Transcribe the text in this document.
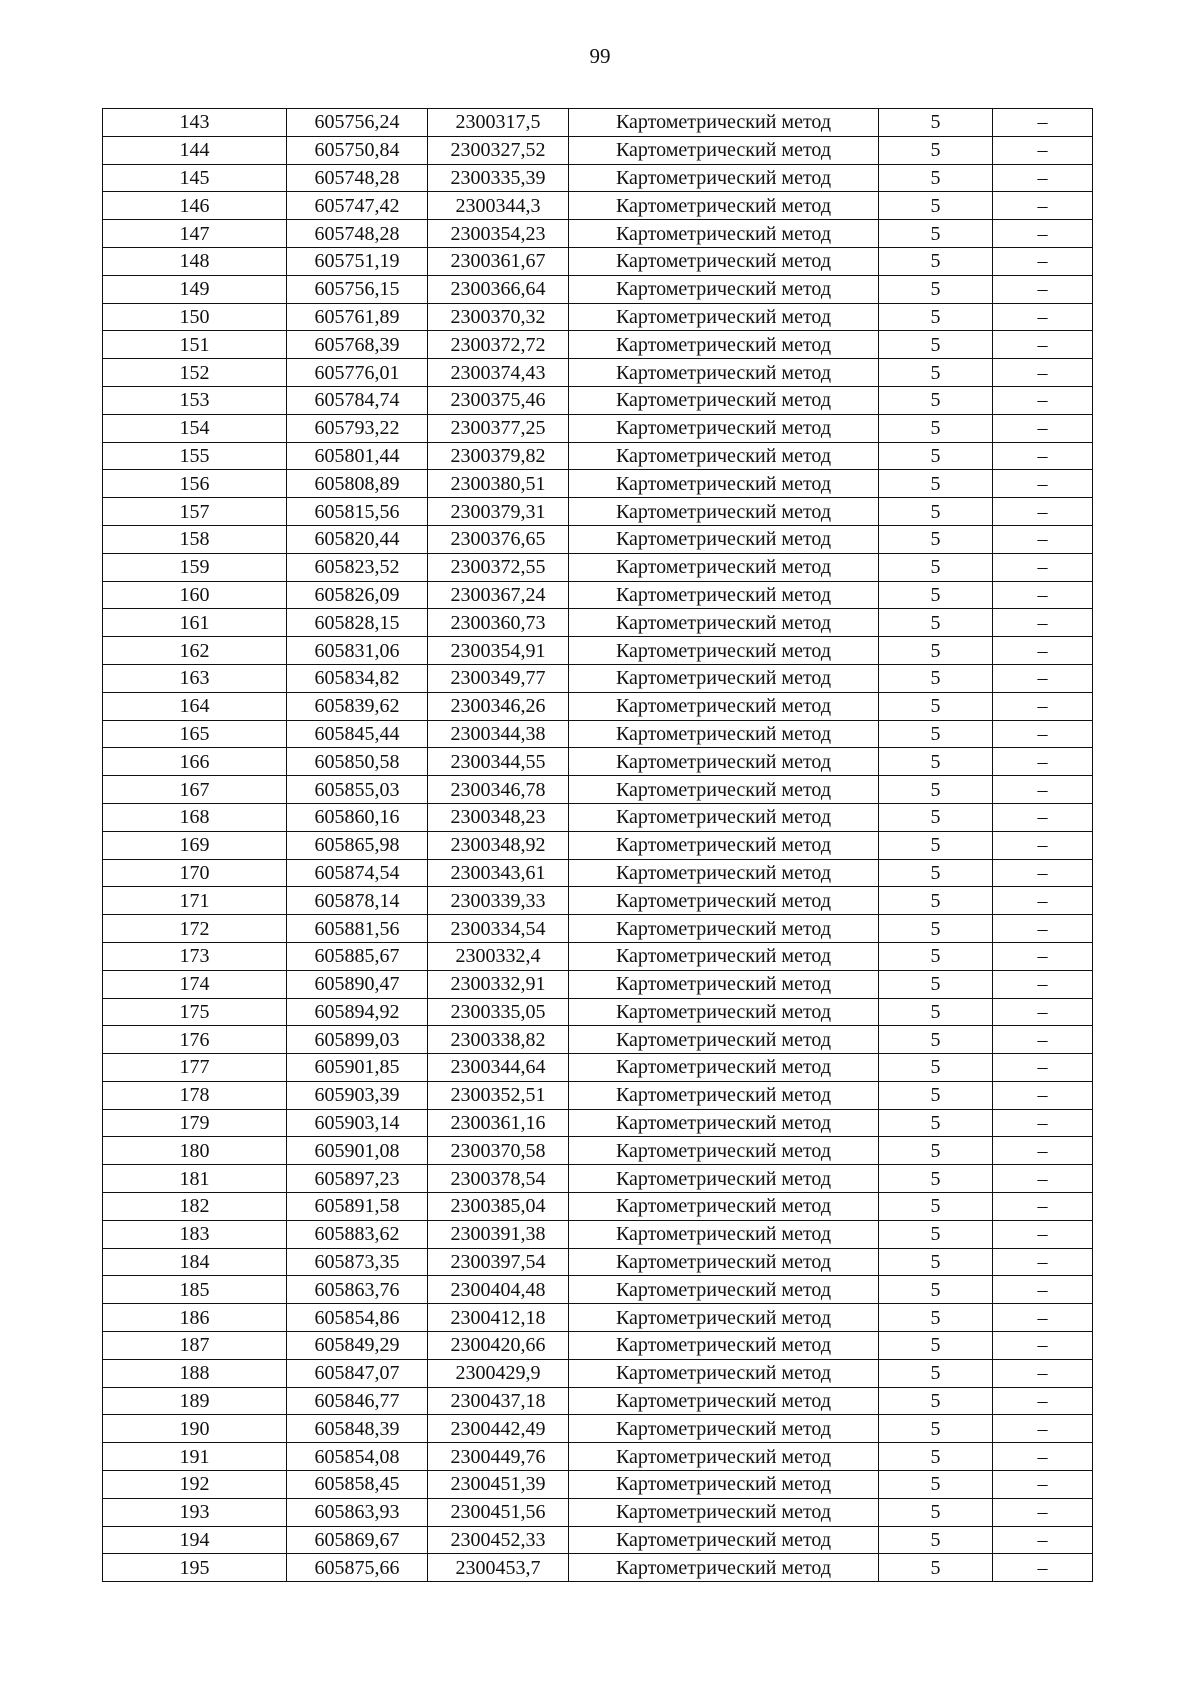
99
143	605756,24	2300317,5	Картометрический метод	5	–
144	605750,84	2300327,52	Картометрический метод	5	–
145	605748,28	2300335,39	Картометрический метод	5	–
146	605747,42	2300344,3	Картометрический метод	5	–
147	605748,28	2300354,23	Картометрический метод	5	–
148	605751,19	2300361,67	Картометрический метод	5	–
149	605756,15	2300366,64	Картометрический метод	5	–
150	605761,89	2300370,32	Картометрический метод	5	–
151	605768,39	2300372,72	Картометрический метод	5	–
152	605776,01	2300374,43	Картометрический метод	5	–
153	605784,74	2300375,46	Картометрический метод	5	–
154	605793,22	2300377,25	Картометрический метод	5	–
155	605801,44	2300379,82	Картометрический метод	5	–
156	605808,89	2300380,51	Картометрический метод	5	–
157	605815,56	2300379,31	Картометрический метод	5	–
158	605820,44	2300376,65	Картометрический метод	5	–
159	605823,52	2300372,55	Картометрический метод	5	–
160	605826,09	2300367,24	Картометрический метод	5	–
161	605828,15	2300360,73	Картометрический метод	5	–
162	605831,06	2300354,91	Картометрический метод	5	–
163	605834,82	2300349,77	Картометрический метод	5	–
164	605839,62	2300346,26	Картометрический метод	5	–
165	605845,44	2300344,38	Картометрический метод	5	–
166	605850,58	2300344,55	Картометрический метод	5	–
167	605855,03	2300346,78	Картометрический метод	5	–
168	605860,16	2300348,23	Картометрический метод	5	–
169	605865,98	2300348,92	Картометрический метод	5	–
170	605874,54	2300343,61	Картометрический метод	5	–
171	605878,14	2300339,33	Картометрический метод	5	–
172	605881,56	2300334,54	Картометрический метод	5	–
173	605885,67	2300332,4	Картометрический метод	5	–
174	605890,47	2300332,91	Картометрический метод	5	–
175	605894,92	2300335,05	Картометрический метод	5	–
176	605899,03	2300338,82	Картометрический метод	5	–
177	605901,85	2300344,64	Картометрический метод	5	–
178	605903,39	2300352,51	Картометрический метод	5	–
179	605903,14	2300361,16	Картометрический метод	5	–
180	605901,08	2300370,58	Картометрический метод	5	–
181	605897,23	2300378,54	Картометрический метод	5	–
182	605891,58	2300385,04	Картометрический метод	5	–
183	605883,62	2300391,38	Картометрический метод	5	–
184	605873,35	2300397,54	Картометрический метод	5	–
185	605863,76	2300404,48	Картометрический метод	5	–
186	605854,86	2300412,18	Картометрический метод	5	–
187	605849,29	2300420,66	Картометрический метод	5	–
188	605847,07	2300429,9	Картометрический метод	5	–
189	605846,77	2300437,18	Картометрический метод	5	–
190	605848,39	2300442,49	Картометрический метод	5	–
191	605854,08	2300449,76	Картометрический метод	5	–
192	605858,45	2300451,39	Картометрический метод	5	–
193	605863,93	2300451,56	Картометрический метод	5	–
194	605869,67	2300452,33	Картометрический метод	5	–
195	605875,66	2300453,7	Картометрический метод	5	–
